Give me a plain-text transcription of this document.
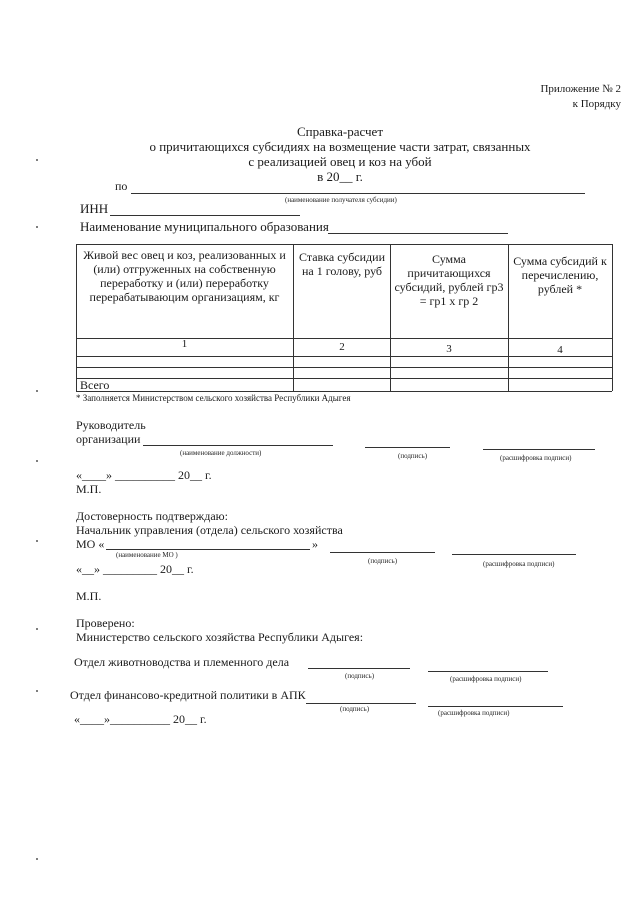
Приложение № 2
к Порядку
Справка-расчет
о причитающихся субсидиях на возмещение части затрат, связанных
с реализацией овец и коз на убой
в 20__ г.
по
(наименование получателя субсидии)
ИНН
Наименование муниципального образования
Живой вес овец и коз, реализованных и (или) отгруженных на собственную переработку и (или) переработку перерабатываюцим организациям, кг
Ставка субсидии на 1 голову, руб
Сумма причитающихся субсидий, рублей гр3 = гр1 х гр 2
Сумма субсидий к перечислению, рублей *
1	2	3	4
Всего
* Заполняется Министерством сельского хозяйства Республики Адыгея
Руководитель
организации
(наименование должности)	(подпись)	(расшифровка подписи)
«____» __________ 20__ г.
М.П.
Достоверность подтверждаю:
Начальник управления (отдела) сельского хозяйства
МО «	»
(наименование МО )
(подпись)	(расшифровка подписи)
«__» _________ 20__ г.
М.П.
Проверено:
Министерство сельского хозяйства Республики Адыгея:
Отдел животноводства и племенного дела
(подпись)	(расшифровка подписи)
Отдел финансово-кредитной политики в АПК
(подпись)	(расшифровка подписи)
«____»__________ 20__ г.
